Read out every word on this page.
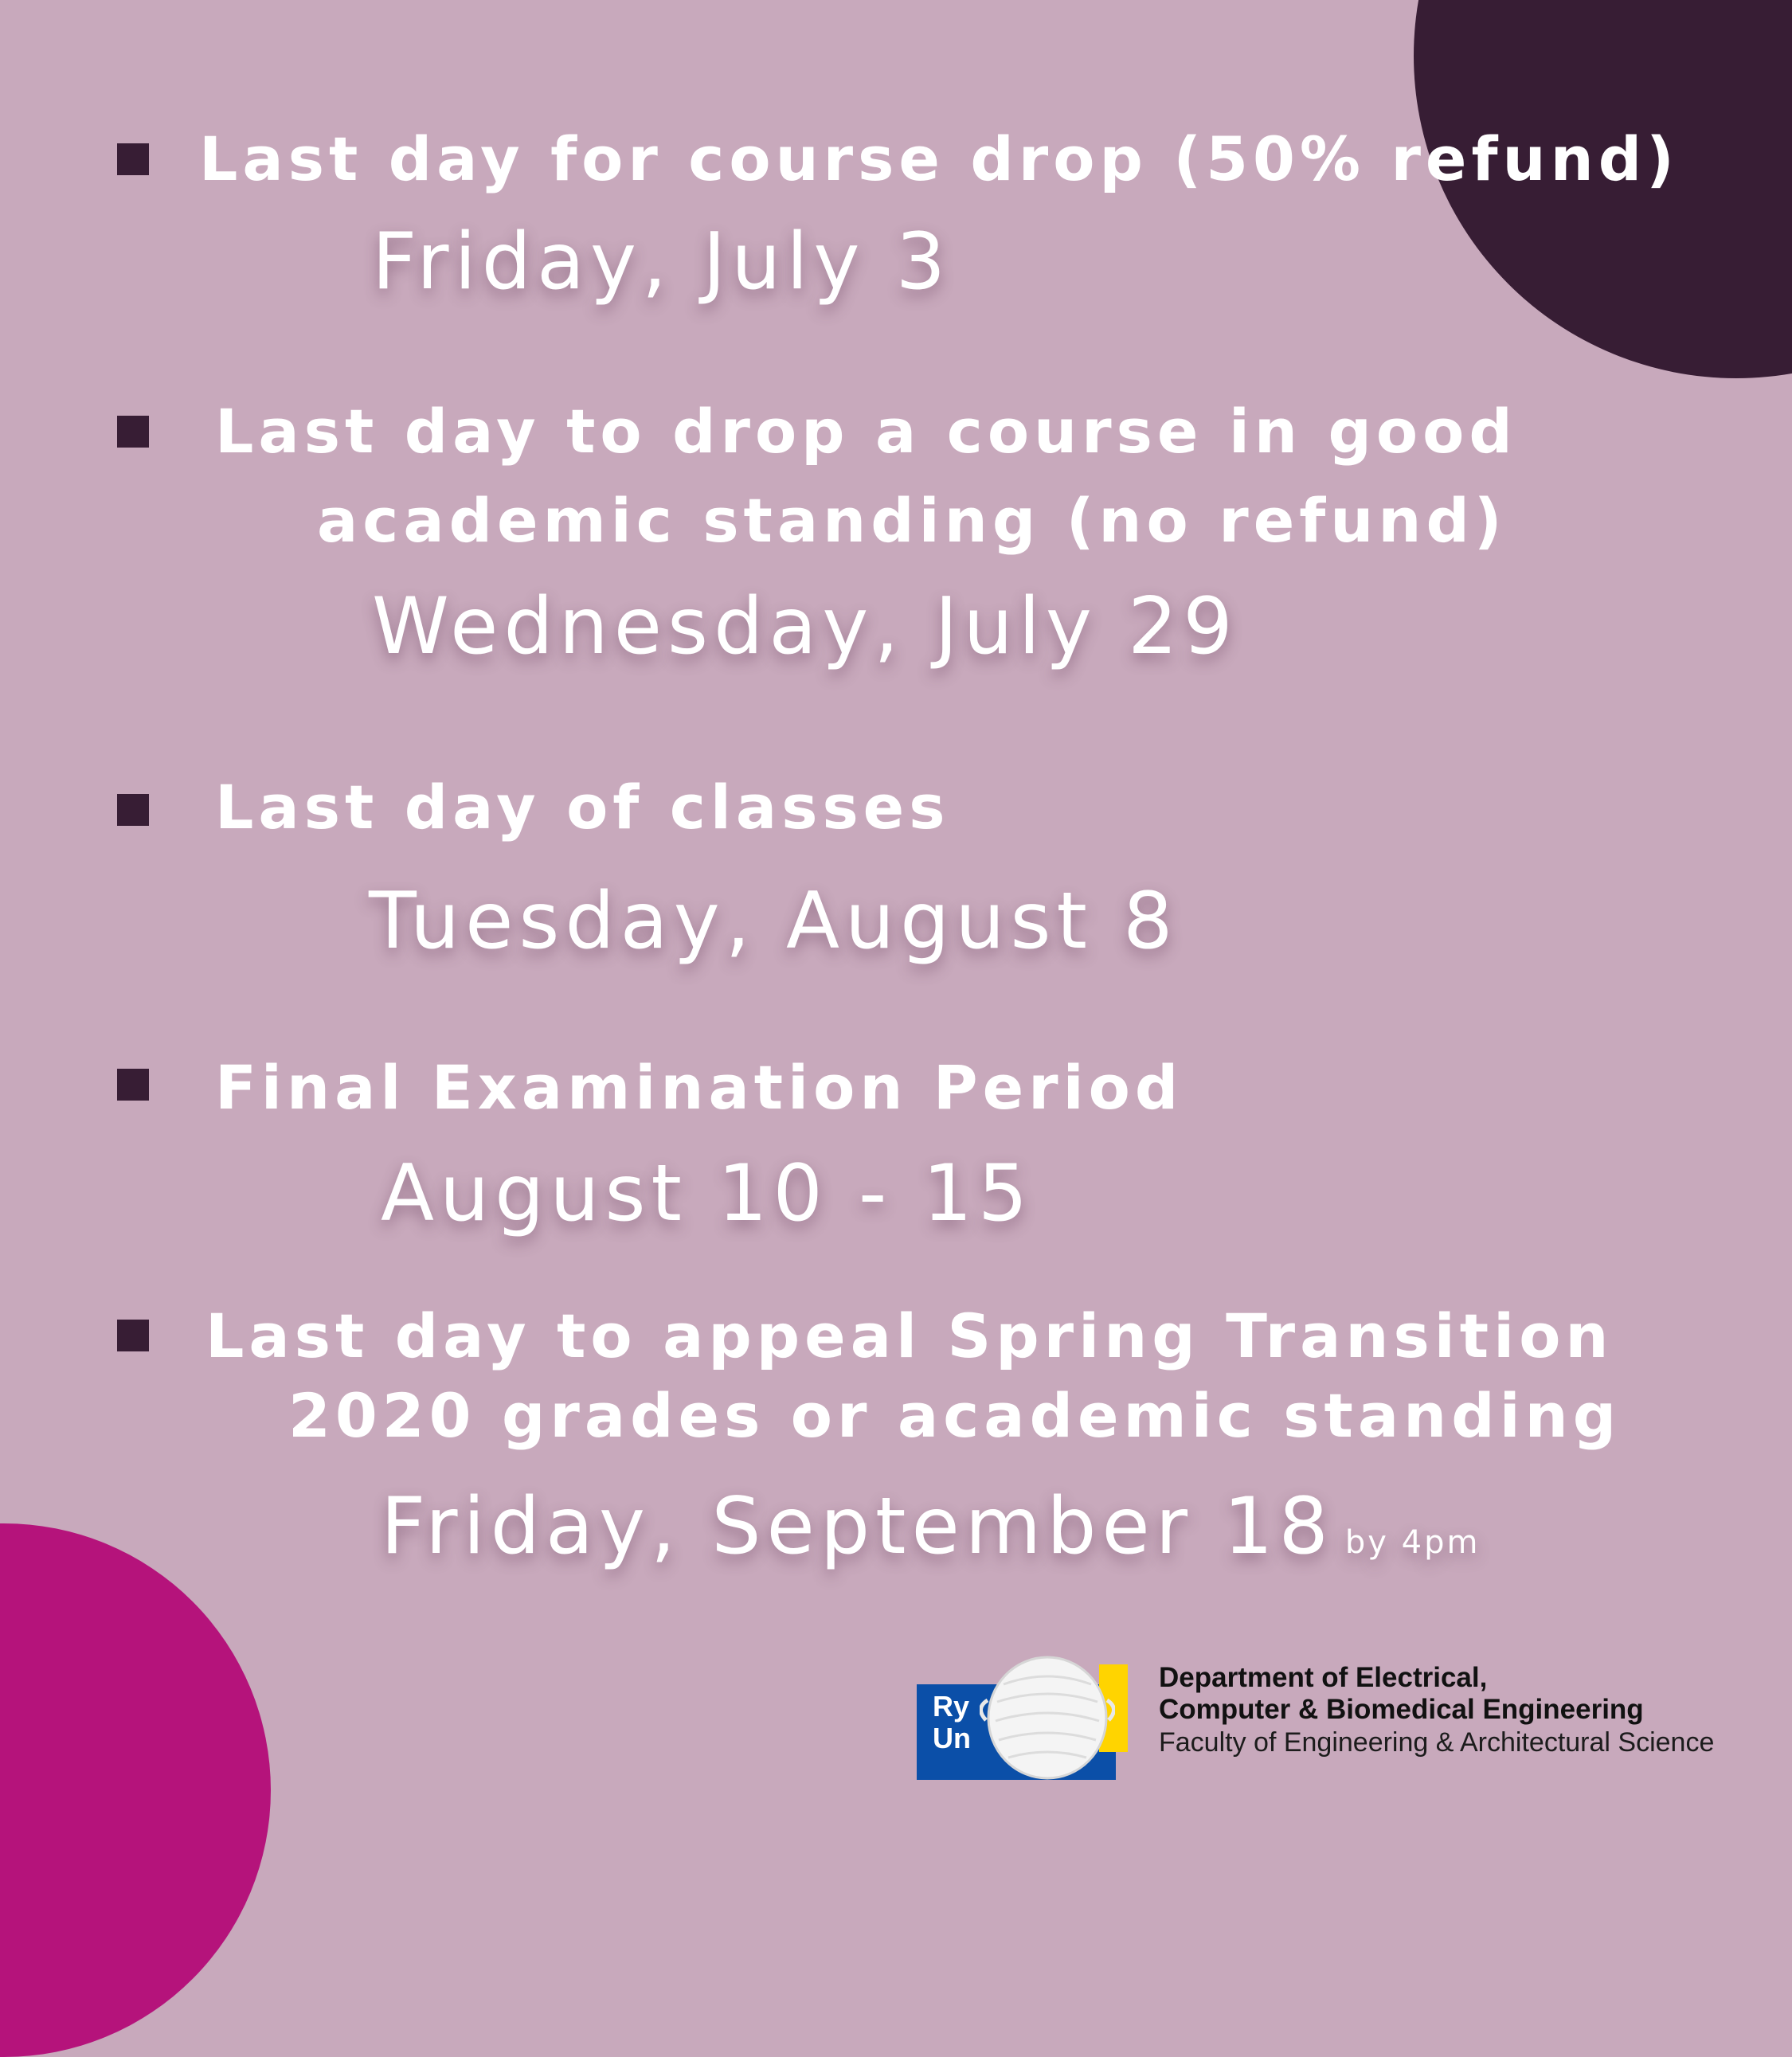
Last day for course drop (50% refund)
Friday, July 3
Last day to drop a course in good
academic standing (no refund)
Wednesday, July 29
Last day of classes
Tuesday, August 8
Final Examination Period
August 10 - 15
Last day to appeal Spring Transition
2020 grades or academic standing
Friday, September 18 by 4pm
Ry
Un
Department of Electrical,
Computer & Biomedical Engineering
Faculty of Engineering & Architectural Science
